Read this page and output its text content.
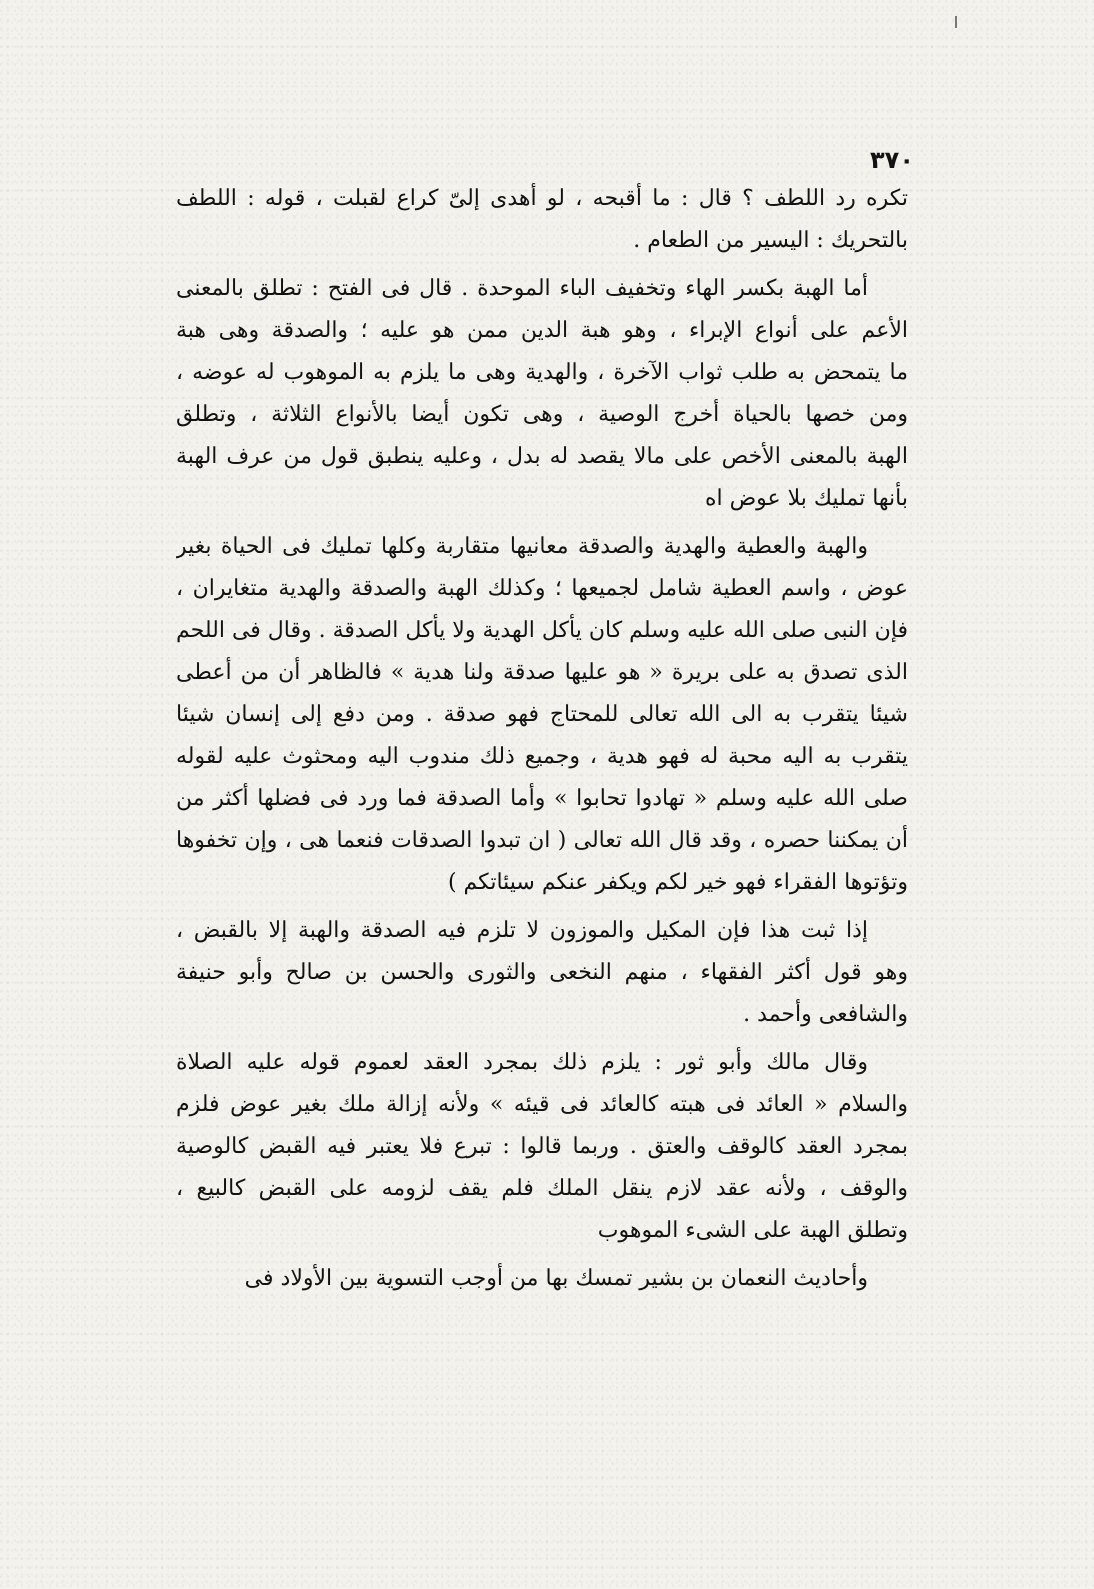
٣٧٠
تكره رد اللطف ؟ قال : ما أقبحه ، لو أهدى إلىّ كراع لقبلت ، قوله : اللطف
بالتحريك : اليسير من الطعام .
أما الهبة بكسر الهاء وتخفيف الباء الموحدة . قال فى الفتح : تطلق بالمعنى
الأعم على أنواع الإبراء ، وهو هبة الدين ممن هو عليه ؛ والصدقة وهى هبة
ما يتمحض به طلب ثواب الآخرة ، والهدية وهى ما يلزم به الموهوب له عوضه ،
ومن خصها بالحياة أخرج الوصية ، وهى تكون أيضا بالأنواع الثلاثة ، وتطلق
الهبة بالمعنى الأخص على مالا يقصد له بدل ، وعليه ينطبق قول من عرف الهبة
بأنها تمليك بلا عوض اه
والهبة والعطية والهدية والصدقة معانيها متقاربة وكلها تمليك فى الحياة بغير
عوض ، واسم العطية شامل لجميعها ؛ وكذلك الهبة والصدقة والهدية متغايران ،
فإن النبى صلى الله عليه وسلم كان يأكل الهدية ولا يأكل الصدقة . وقال فى اللحم
الذى تصدق به على بريرة « هو عليها صدقة ولنا هدية » فالظاهر أن من أعطى
شيئا يتقرب به الى الله تعالى للمحتاج فهو صدقة . ومن دفع إلى إنسان شيئا
يتقرب به اليه محبة له فهو هدية ، وجميع ذلك مندوب اليه ومحثوث عليه لقوله
صلى الله عليه وسلم « تهادوا تحابوا » وأما الصدقة فما ورد فى فضلها أكثر من
أن يمكننا حصره ، وقد قال الله تعالى ( ان تبدوا الصدقات فنعما هى ، وإن تخفوها
وتؤتوها الفقراء فهو خير لكم ويكفر عنكم سيئاتكم )
إذا ثبت هذا فإن المكيل والموزون لا تلزم فيه الصدقة والهبة إلا بالقبض ،
وهو قول أكثر الفقهاء ، منهم النخعى والثورى والحسن بن صالح وأبو حنيفة
والشافعى وأحمد .
وقال مالك وأبو ثور : يلزم ذلك بمجرد العقد لعموم قوله عليه الصلاة
والسلام « العائد فى هبته كالعائد فى قيئه » ولأنه إزالة ملك بغير عوض فلزم
بمجرد العقد كالوقف والعتق . وربما قالوا : تبرع فلا يعتبر فيه القبض كالوصية
والوقف ، ولأنه عقد لازم ينقل الملك فلم يقف لزومه على القبض كالبيع ،
وتطلق الهبة على الشىء الموهوب
وأحاديث النعمان بن بشير تمسك بها من أوجب التسوية بين الأولاد فى
